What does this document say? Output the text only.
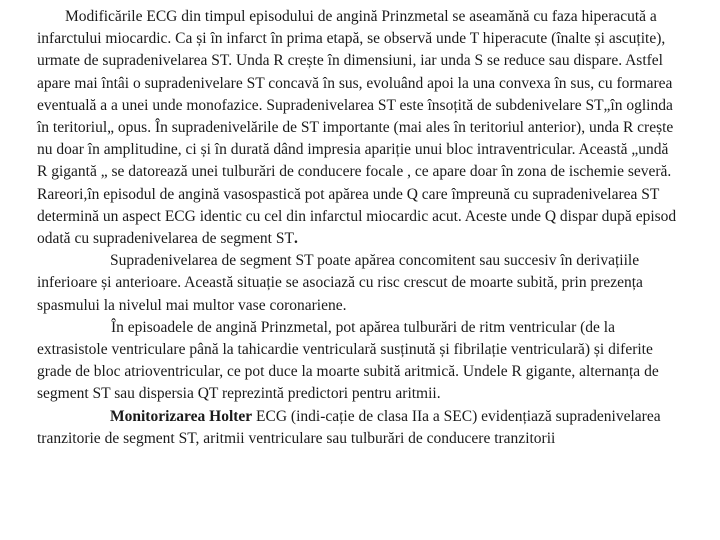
Modificările ECG din timpul episodului de angină Prinzmetal se aseamănă cu faza hiperacută a infarctului miocardic. Ca și în infarct în prima etapă, se observă unde T hiperacute (înalte și ascuțite), urmate de supradenivelarea ST. Unda R crește în dimensiuni, iar unda S se reduce sau dispare. Astfel apare mai întâi o supradenivelare ST concavă în sus, evoluând apoi la una convexa în sus, cu formarea eventuală a a unei unde monofazice. Supradenivelarea ST este însoțită de subdenivelare ST„în oglinda în teritoriul„ opus. În supradenivelările de ST importante (mai ales în teritoriul anterior), unda R crește nu doar în amplitudine, ci și în durată dând impresia apariție unui bloc intraventricular. Această „undă R gigantă „ se datorează unei tulburări de conducere focale , ce apare doar în zona de ischemie severă. Rareori,în episodul de angină vasospastică pot apărea unde Q care împreună cu supradenivelarea ST determină un aspect ECG identic cu cel din infarctul miocardic acut. Aceste unde Q dispar după episod odată cu supradenivelarea de segment ST.

Supradenivelarea de segment ST poate apărea concomitent sau succesiv în derivațiile inferioare și anterioare. Această situație se asociază cu risc crescut de moarte subită, prin prezența spasmului la nivelul mai multor vase coronariene.

În episoadele de angină Prinzmetal, pot apărea tulburări de ritm ventricular (de la extrasistole ventriculare până la tahicardie ventriculară susținută și fibrilație ventriculară) și diferite grade de bloc atrioventricular, ce pot duce la moarte subită aritmică. Undele R gigante, alternanța de segment ST sau dispersia QT reprezintă predictori pentru aritmii.

Monitorizarea Holter ECG (indi-cație de clasa IIa a SEC) evidențiază supradenivelarea tranzitorie de segment ST, aritmii ventriculare sau tulburări de conducere tranzitorii
